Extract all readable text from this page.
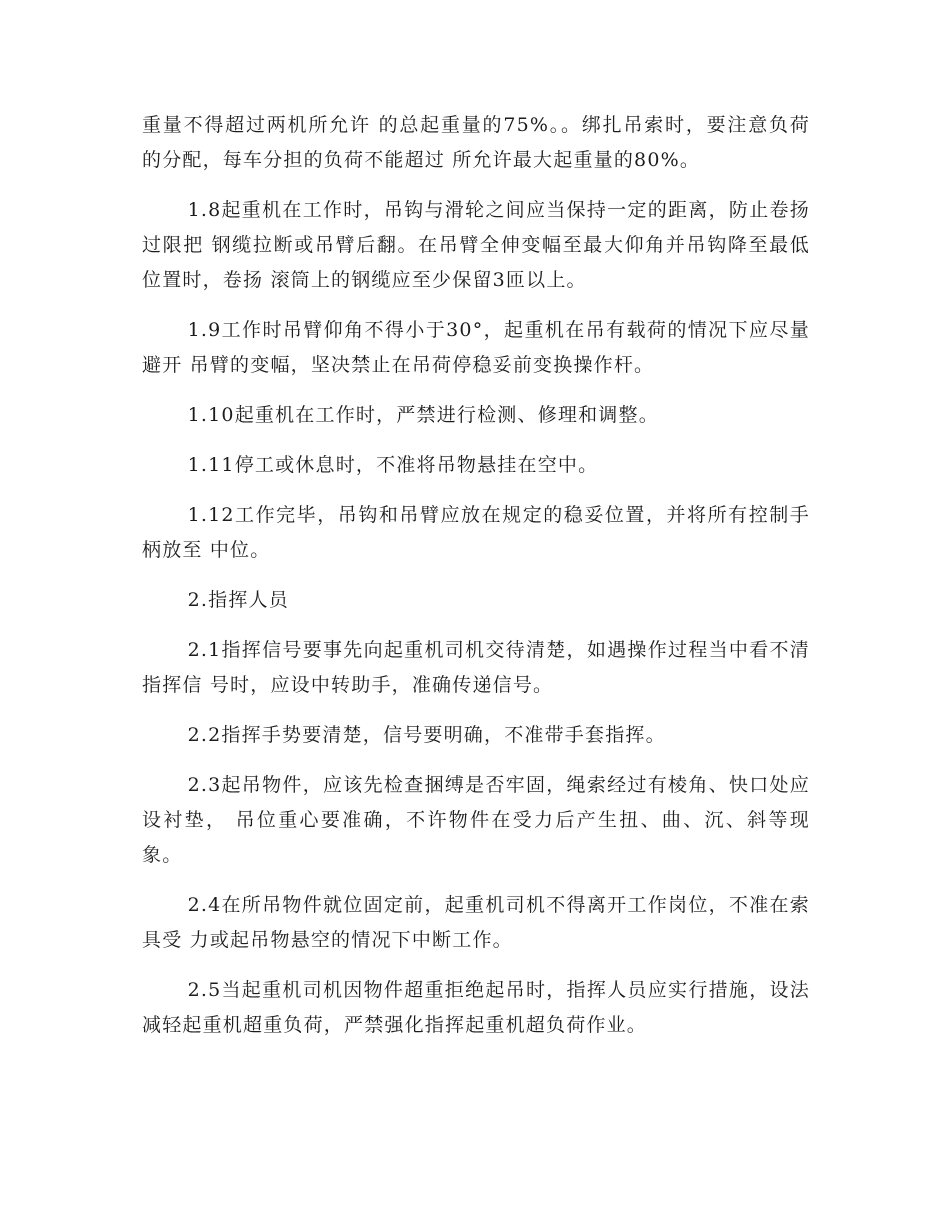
重量不得超过两机所允许 的总起重量的75%。。绑扎吊索时，要注意负荷的分配，每车分担的负荷不能超过 所允许最大起重量的80%。

1.8起重机在工作时，吊钩与滑轮之间应当保持一定的距离，防止卷扬过限把 钢缆拉断或吊臂后翻。在吊臂全伸变幅至最大仰角并吊钩降至最低位置时，卷扬 滚筒上的钢缆应至少保留3匝以上。

1.9工作时吊臂仰角不得小于30°，起重机在吊有载荷的情况下应尽量避开 吊臂的变幅，坚决禁止在吊荷停稳妥前变换操作杆。

1.10起重机在工作时，严禁进行检测、修理和调整。

1.11停工或休息时，不准将吊物悬挂在空中。

1.12工作完毕，吊钩和吊臂应放在规定的稳妥位置，并将所有控制手柄放至 中位。

2.指挥人员

2.1指挥信号要事先向起重机司机交待清楚，如遇操作过程当中看不清指挥信 号时，应设中转助手，准确传递信号。

2.2指挥手势要清楚，信号要明确，不准带手套指挥。

2.3起吊物件，应该先检查捆缚是否牢固，绳索经过有棱角、快口处应设衬垫， 吊位重心要准确，不许物件在受力后产生扭、曲、沉、斜等现象。

2.4在所吊物件就位固定前，起重机司机不得离开工作岗位，不准在索具受 力或起吊物悬空的情况下中断工作。

2.5当起重机司机因物件超重拒绝起吊时，指挥人员应实行措施，设法减轻起重机超重负荷，严禁强化指挥起重机超负荷作业。
